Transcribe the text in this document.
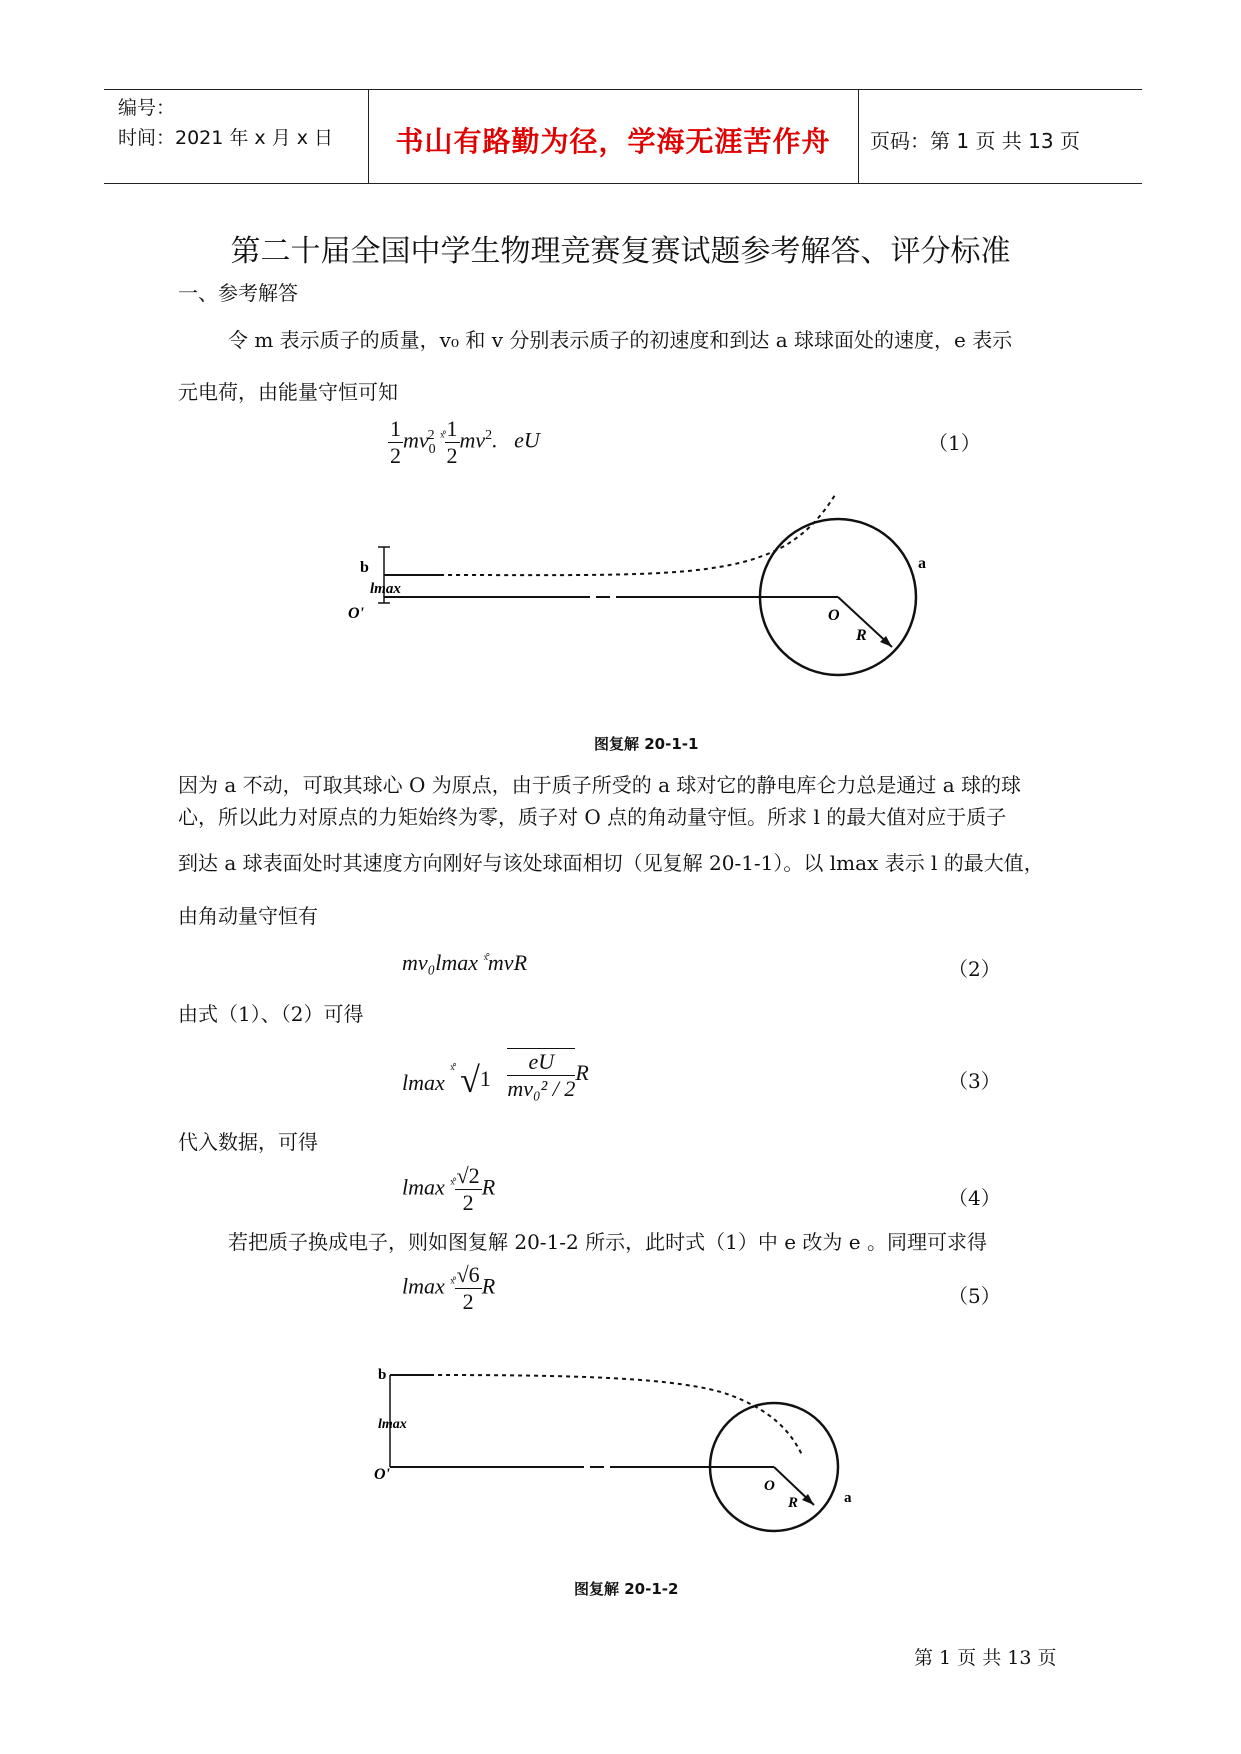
编号：
时间：2021 年 x 月 x 日	书山有路勤为径，学海无涯苦作舟	页码：第 1 页 共 13 页
第二十届全国中学生物理竞赛复赛试题参考解答、评分标准
一、参考解答
令 m 表示质子的质量，v₀ 和 v 分别表示质子的初速度和到达 a 球球面处的速度，e 表示
元电荷，由能量守恒可知
$\frac{1}{2} mv_0^2$ $^{ˣ̊} \frac{1}{2} mv^2$.   eU	（1）
b
lmax
O'	O
R
a
图复解 20-1-1
因为 a 不动，可取其球心 O 为原点，由于质子所受的 a 球对它的静电库仑力总是通过 a 球的球
心，所以此力对原点的力矩始终为零，质子对 O 点的角动量守恒。所求 l 的最大值对应于质子
到达 a 球表面处时其速度方向刚好与该处球面相切（见复解 20-1-1）。以 lmax 表示 l 的最大值，
由角动量守恒有
mv₀lmax $^{ˣ̊}$mvR	（2）
由式（1）、（2）可得
lmax $^{ˣ̊}$ $√1 \frac{eU}{\text{mv₀² / 2}}$ R	（3）
代入数据，可得
lmax $^{ˣ̊} \frac{√2}{2}$ R	（4）
若把质子换成电子，则如图复解 20-1-2 所示，此时式（1）中 e 改为 e 。同理可求得
lmax $^{ˣ̊} \frac{√6}{2}$ R	（5）
b
lmax
O'
O
R	a
图复解 20-1-2
第 1 页 共 13 页
